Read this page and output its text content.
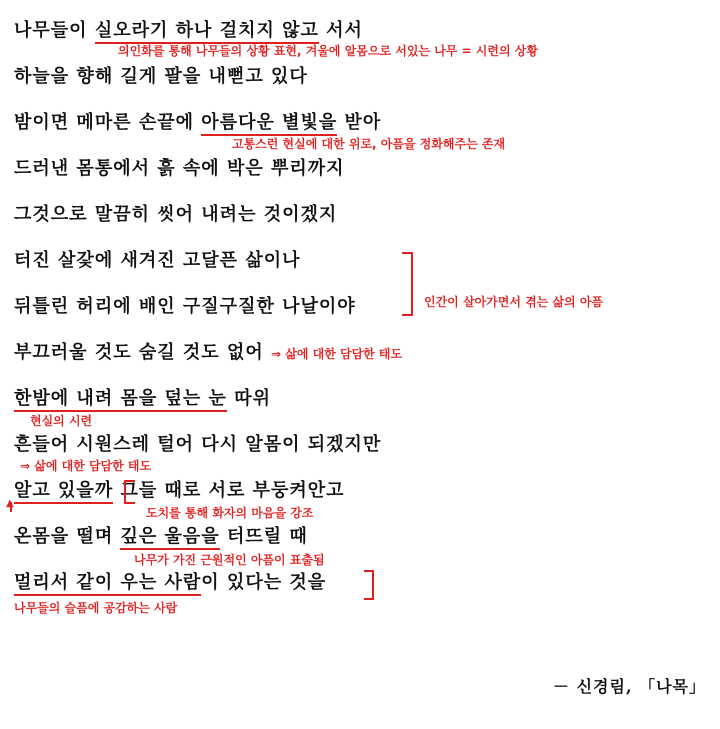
나무들이 실오라기 하나 걸치지 않고 서서
의인화를 통해 나무들의 상황 표현, 겨울에 알몸으로 서있는 나무 = 시련의 상황
하늘을 향해 길게 팔을 내뻗고 있다
밤이면 메마른 손끝에 아름다운 별빛을 받아
고통스런 현실에 대한 위로, 아픔을 정화해주는 존재
드러낸 몸통에서 흙 속에 박은 뿌리까지
그것으로 말끔히 씻어 내려는 것이겠지
터진 살갗에 새겨진 고달픈 삶이나
뒤틀린 허리에 배인 구질구질한 나날이야	인간이 살아가면서 겪는 삶의 아픔
부끄러울 것도 숨길 것도 없어 ⇒ 삶에 대한 담담한 태도
한밤에 내려 몸을 덮는 눈 따위
현실의 시련
흔들어 시원스레 털어 다시 알몸이 되겠지만
⇒ 삶에 대한 담담한 태도
알고 있을까 그들 때로 서로 부둥켜안고
▲
도치를 통해 화자의 마음을 강조
온몸을 떨며 깊은 울음을 터뜨릴 때
나무가 가진 근원적인 아픔이 표출됨
멀리서 같이 우는 사람이 있다는 것을
나무들의 슬픔에 공감하는 사람
－ 신경림, 「나목」
